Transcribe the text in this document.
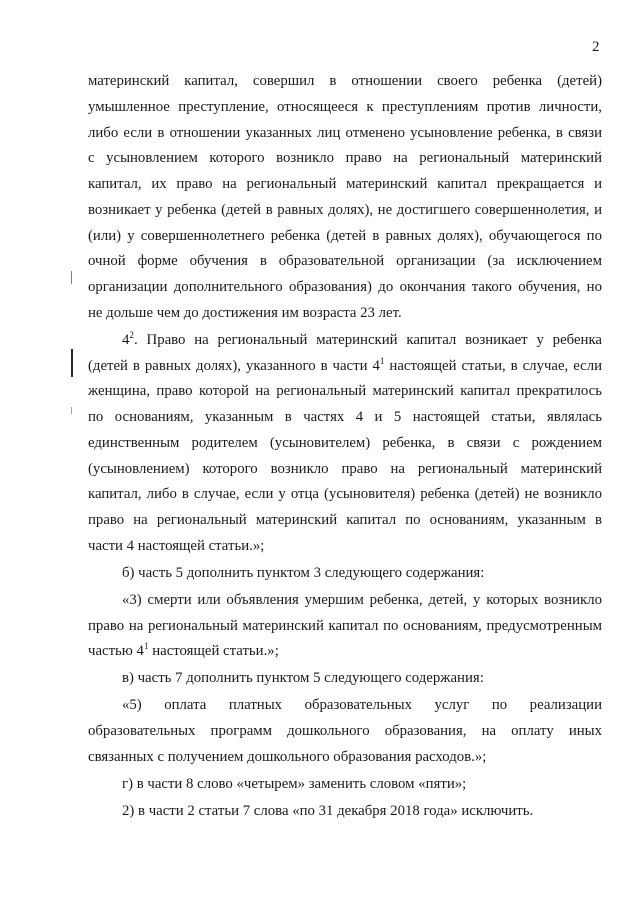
2
материнский капитал, совершил в отношении своего ребенка (детей)
умышленное преступление, относящееся к преступлениям против личности,
либо если в отношении указанных лиц отменено усыновление ребенка, в связи
с усыновлением которого возникло право на региональный материнский
капитал, их право на региональный материнский капитал прекращается и
возникает у ребенка (детей в равных долях), не достигшего совершеннолетия, и
(или) у совершеннолетнего ребенка (детей в равных долях), обучающегося по
очной форме обучения в образовательной организации (за исключением
организации дополнительного образования) до окончания такого обучения, но
не дольше чем до достижения им возраста 23 лет.
$4^2$. Право на региональный материнский капитал возникает у ребенка
(детей в равных долях), указанного в части $4^1$ настоящей статьи, в случае, если
женщина, право которой на региональный материнский капитал прекратилось
по основаниям, указанным в частях 4 и 5 настоящей статьи, являлась
единственным родителем (усыновителем) ребенка, в связи с рождением
(усыновлением) которого возникло право на региональный материнский
капитал, либо в случае, если у отца (усыновителя) ребенка (детей) не возникло
право на региональный материнский капитал по основаниям, указанным в
части 4 настоящей статьи.»;
б) часть 5 дополнить пунктом 3 следующего содержания:
«3) смерти или объявления умершим ребенка, детей, у которых возникло
право на региональный материнский капитал по основаниям, предусмотренным
частью $4^1$ настоящей статьи.»;
в) часть 7 дополнить пунктом 5 следующего содержания:
«5) оплата платных образовательных услуг по реализации
образовательных программ дошкольного образования, на оплату иных
связанных с получением дошкольного образования расходов.»;
г) в части 8 слово «четырем» заменить словом «пяти»;
2) в части 2 статьи 7 слова «по 31 декабря 2018 года» исключить.
